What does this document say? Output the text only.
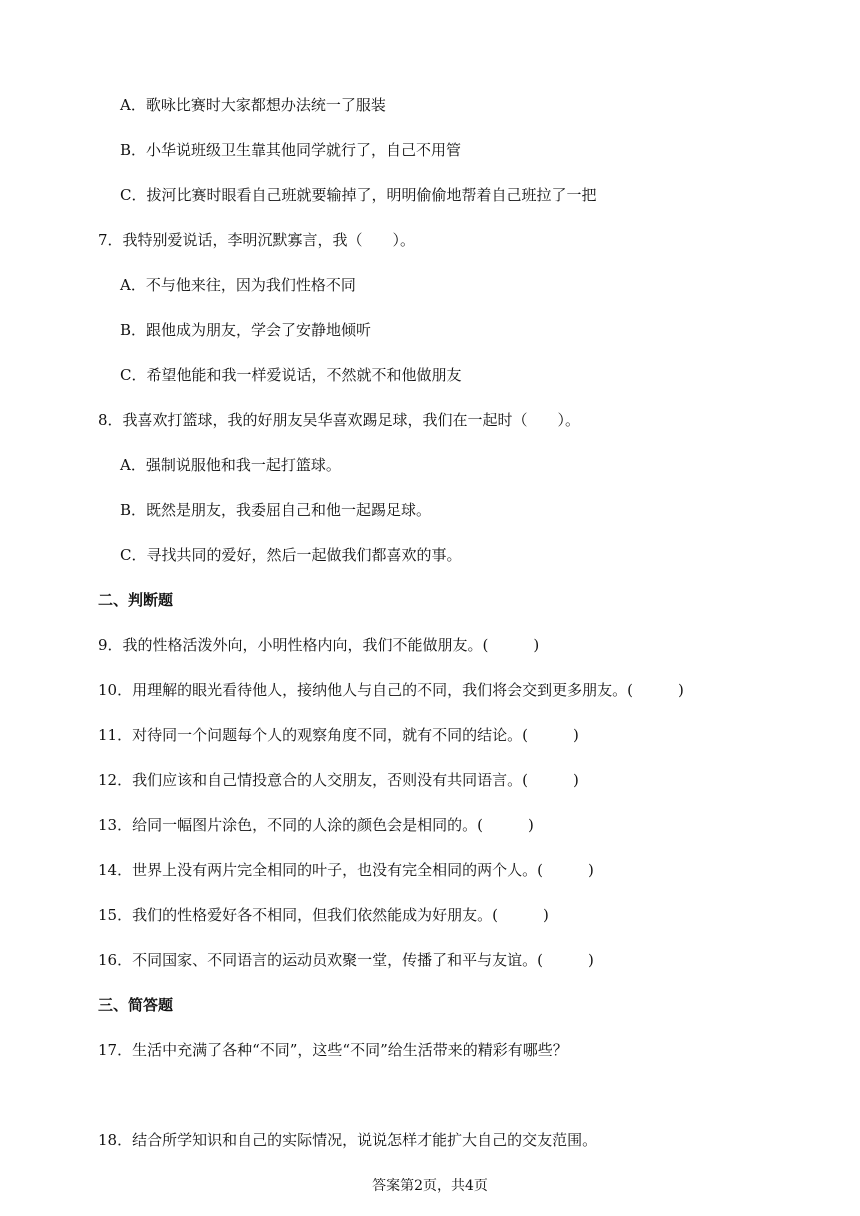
A．歌咏比赛时大家都想办法统一了服装
B．小华说班级卫生靠其他同学就行了，自己不用管
C．拔河比赛时眼看自己班就要输掉了，明明偷偷地帮着自己班拉了一把
7．我特别爱说话，李明沉默寡言，我（　　）。
A．不与他来往，因为我们性格不同
B．跟他成为朋友，学会了安静地倾听
C．希望他能和我一样爱说话，不然就不和他做朋友
8．我喜欢打篮球，我的好朋友吴华喜欢踢足球，我们在一起时（　　）。
A．强制说服他和我一起打篮球。
B．既然是朋友，我委屈自己和他一起踢足球。
C．寻找共同的爱好，然后一起做我们都喜欢的事。
二、判断题
9．我的性格活泼外向，小明性格内向，我们不能做朋友。(　　　)
10．用理解的眼光看待他人，接纳他人与自己的不同，我们将会交到更多朋友。(　　　)
11．对待同一个问题每个人的观察角度不同，就有不同的结论。(　　　)
12．我们应该和自己情投意合的人交朋友，否则没有共同语言。(　　　)
13．给同一幅图片涂色，不同的人涂的颜色会是相同的。(　　　)
14．世界上没有两片完全相同的叶子，也没有完全相同的两个人。(　　　)
15．我们的性格爱好各不相同，但我们依然能成为好朋友。(　　　)
16．不同国家、不同语言的运动员欢聚一堂，传播了和平与友谊。(　　　)
三、简答题
17．生活中充满了各种“不同”，这些“不同”给生活带来的精彩有哪些？
18．结合所学知识和自己的实际情况，说说怎样才能扩大自己的交友范围。
答案第2页，共4页
